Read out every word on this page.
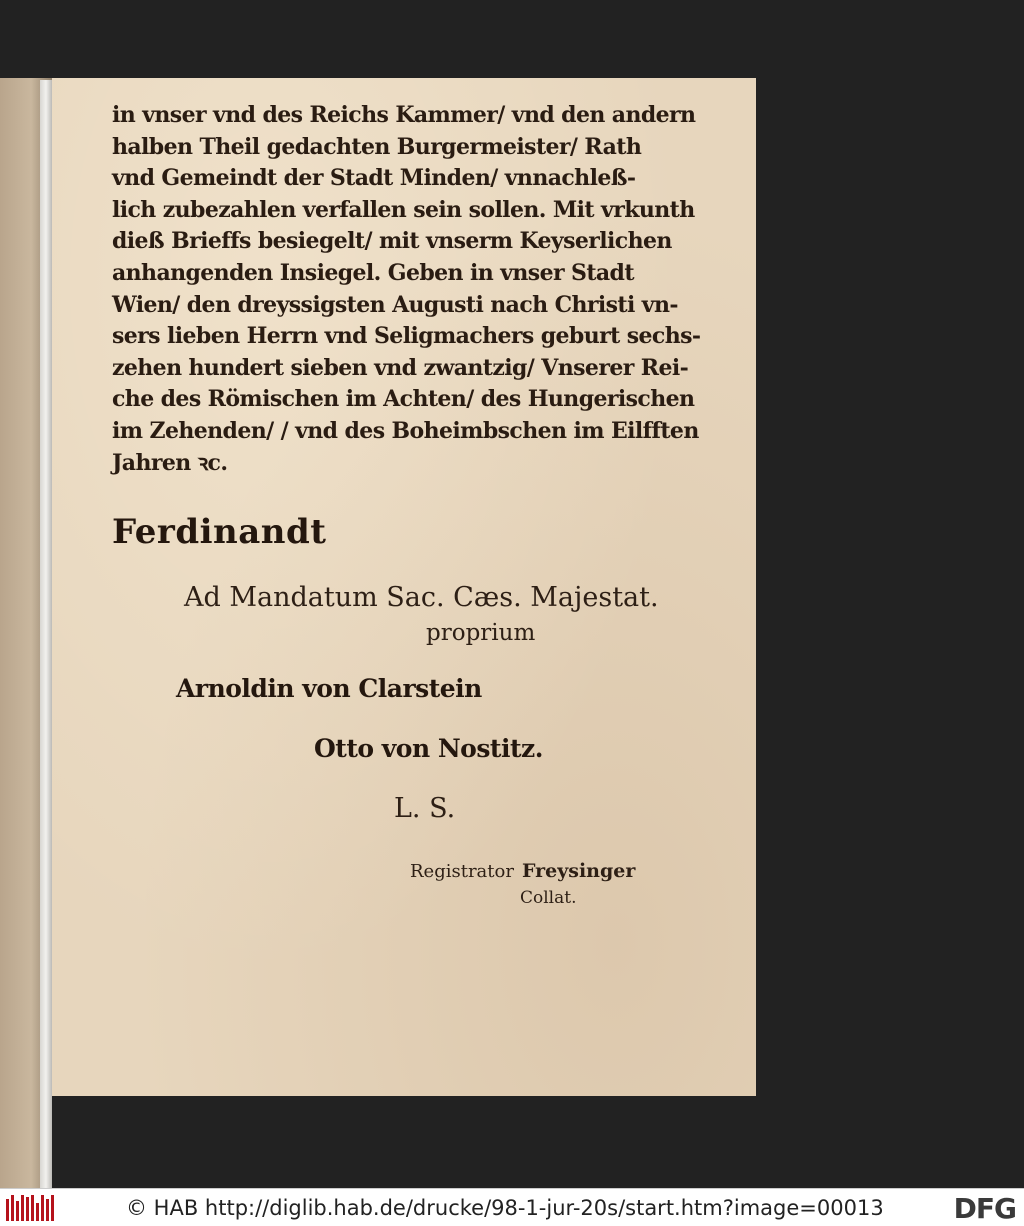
in vnser vnd des Reichs Kammer/ vnd den andern
halben Theil gedachten Burgermeister/ Rath
vnd Gemeindt der Stadt Minden/ vnnachleß-
lich zubezahlen verfallen sein sollen. Mit vrkunth
dieß Brieffs besiegelt/ mit vnserm Keyserlichen
anhangenden Insiegel. Geben in vnser Stadt
Wien/ den dreyssigsten Augusti nach Christi vn-
sers lieben Herrn vnd Seligmachers geburt sechs-
zehen hundert sieben vnd zwantzig/ Vnserer Rei-
che des Römischen im Achten/ des Hungerischen
im Zehenden/ / vnd des Boheimbschen im Eilfften
Jahren ꝛc.
Ferdinandt
Ad Mandatum Sac. Cæs. Majestat.
proprium
Arnoldin von Clarstein
Otto von Nostitz.
L. S.
Registrator Freysinger
Collat.
© HAB http://diglib.hab.de/drucke/98-1-jur-20s/start.htm?image=00013 DFG
